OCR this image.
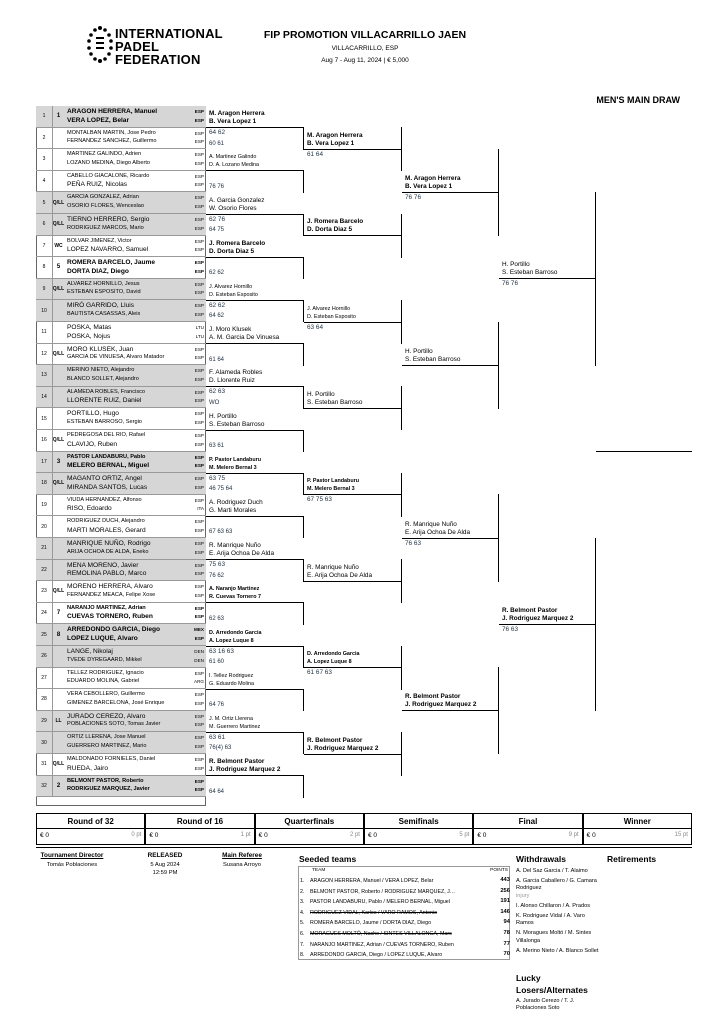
INTERNATIONAL
PADEL
FEDERATION
FIP PROMOTION VILLACARRILLO JAEN
VILLACARRILLO, ESP
Aug 7 - Aug 11, 2024 | € 5,000
MEN'S MAIN DRAW
Tournament Director
Tomás Poblaciones
RELEASED
5 Aug 2024
12:59 PM
Main Referee
Susana Arroyo
Seeded teams
TEAM	POINTS
Withdrawals	Retirements
A. Del Saz Garcia / T. Alaimo
A. Garcia Caballero / G. Camara Rodriguez
injury
I. Alonso Chillaron / A. Prados
K. Rodriguez Vidal / A. Varo Ramos
N. Moragues Moltó / M. Sintes Villalonga
A. Merino Nieto / A. Blanco Sollet
Lucky Losers/Alternates
A. Jurado Cerezo / T. J. Poblaciones Soto
1	1
ARAGON HERRERA, Manuel
VERA LOPEZ, Belar
ESP
ESP
2
MONTALBAN MARTIN, Jose Pedro
FERNANDEZ SANCHEZ, Guillermo
ESP
ESP 60 61
3
MARTINEZ GALINDO, Adrien
LOZANO MEDINA, Diego Alberto
ESP
ESP
4
CABELLO GIACALONE, Ricardo
PEÑA RUIZ, Nicolas
ESP
ESP 76 76
5	Q/LL
GARCIA GONZALEZ, Adrian
OSORIO FLORES, Wenceslao
ESP
ESP
6	Q/LL
TIERNO HERRERO, Sergio
RODRIGUEZ MARCOS, Mario
ESP
ESP 64 75
7	WC
BOLVAR JIMENEZ, Victor
LOPEZ NAVARRO, Samuel
ESP
ESP
8	5
ROMERA BARCELO, Jaume
DORTA DIAZ, Diego
ESP
ESP 62 62
9	Q/LL
ALVAREZ HORNILLO, Jesus
ESTEBAN ESPOSITO, David
ESP
ESP
10
MIRÓ GARRIDO, Lluis
BAUTISTA CASASSAS, Aleix
ESP
ESP 64 62
11
POSKA, Matas
POSKA, Nojus
LTU
LTU
12	Q/LL
MORO KLUSEK, Juan
GARCIA DE VINUESA, Alvaro Matador
ESP
ESP 61 64
13
MERINO NIETO, Alejandro
BLANCO SOLLET, Alejandro
ESP
ESP
14
ALAMEDA ROBLES, Francisco
LLORENTE RUIZ, Daniel
ESP
ESP WO
15
PORTILLO, Hugo
ESTEBAN BARROSO, Sergio
ESP
ESP
16	Q/LL
PEDREGOSA DEL RIO, Rafael
CLAVIJO, Ruben
ESP
ESP 63 61
17	3
PASTOR LANDABURU, Pablo
MELERO BERNAL, Miguel
ESP
ESP
18	Q/LL
MAGANTO ORTIZ, Angel
MIRANDA SANTOS, Lucas
ESP
ESP 46 75 64
19
VIUDA HERNANDEZ, Alfonso
RISO, Edoardo
ESP
ITA
20
RODRIGUEZ DUCH, Alejandro
MARTI MORALES, Gerard
ESP
ESP 67 63 63
21
MANRIQUE NUÑO, Rodrigo
ARIJA OCHOA DE ALDA, Eneko
ESP
ESP
22
MENA MORENO, Javier
REMOLINA PABLO, Marco
ESP
ESP 76 62
23	Q/LL
MORENO HERRERA, Alvaro
FERNANDEZ MEACA, Felipe Xose
ESP
ESP
24	7
NARANJO MARTINEZ, Adrian
CUEVAS TORNERO, Ruben
ESP
ESP 62 63
25	8
ARREDONDO GARCIA, Diego
LOPEZ LUQUE, Alvaro
MEX
ESP
26
LANGE, Nikolaj
TVEDE DYREGAARD, Mikkel
DEN
DEN 61 60
27
TELLEZ RODRIGUEZ, Ignacio
EDUARDO MOLINA, Gabriel
ESP
ARG
28
VERA CEBOLLERO, Guillermo
GIMENEZ BARCELONA, José Enrique
ESP
ESP 64 76
29	LL
JURADO CEREZO, Alvaro
POBLACIONES SOTO, Tomas Javier
ESP
ESP
30
ORTIZ LLERENA, Jose Manuel
GUERRERO MARTINEZ, Mario
ESP
ESP 76(4) 63
31	Q/LL
MALDONADO FORNIELES, Daniel
RUEDA, Jairo
ESP
ESP
32	2
BELMONT PASTOR, Roberto
RODRIGUEZ MARQUEZ, Javier
ESP
ESP 64 64
M. Aragon Herrera
B. Vera Lopez 1
64 62
A. Martinez Galindo
D. A. Lozano Medina
A. Garcia Gonzalez
W. Osorio Flores
62 76
J. Romera Barcelo
D. Dorta Diaz 5
J. Alvarez Hornillo
D. Esteban Esposito
62 62
J. Moro Klusek
A. M. Garcia De Vinuesa
F. Alameda Robles
D. Llorente Ruiz
62 63
H. Portillo
S. Esteban Barroso
P. Pastor Landaburu
M. Melero Bernal 3
63 75
A. Rodriguez Duch
G. Marti Morales
R. Manrique Nuño
E. Arija Ochoa De Alda
75 63
A. Naranjo Martinez
R. Cuevas Tornero 7
D. Arredondo Garcia
A. Lopez Luque 8
63 16 63
I. Tellez Rodriguez
G. Eduardo Molina
J. M. Ortiz Llerena
M. Guerrero Martinez
63 61
R. Belmont Pastor
J. Rodriguez Marquez 2
M. Aragon Herrera
B. Vera Lopez 1
61 64
J. Romera Barcelo
D. Dorta Diaz 5
J. Alvarez Hornillo
D. Esteban Esposito
63 64
H. Portillo
S. Esteban Barroso
P. Pastor Landaburu
M. Melero Bernal 3
67 75 63
R. Manrique Nuño
E. Arija Ochoa De Alda
D. Arredondo Garcia
A. Lopez Luque 8
61 67 63
R. Belmont Pastor
J. Rodriguez Marquez 2
M. Aragon Herrera
B. Vera Lopez 1
76 76
H. Portillo
S. Esteban Barroso
R. Manrique Nuño
E. Arija Ochoa De Alda
76 63
R. Belmont Pastor
J. Rodriguez Marquez 2
H. Portillo
S. Esteban Barroso
76 76
R. Belmont Pastor
J. Rodriguez Marquez 2
76 63
Round of 32
€ 0	0 pt
Round of 16
€ 0	1 pt
Quarterfinals
€ 0	2 pt
Semifinals
€ 0	5 pt
Final
€ 0	9 pt
Winner
€ 0	15 pt
1. ARAGON HERRERA, Manuel / VERA LOPEZ, Belar	443
2. BELMONT PASTOR, Roberto / RODRIGUEZ MARQUEZ, J…	256
3. PASTOR LANDABURU, Pablo / MELERO BERNAL, Miguel	191
4. RODRIGUEZ VIDAL, Karlos / VARO RAMOS, Antonio	146
5. ROMERA BARCELO, Jaume / DORTA DIAZ, Diego	94
6. MORAGUES MOLTÓ, Nacho / SINTES VILLALONGA, Marc	78
7. NARANJO MARTINEZ, Adrian / CUEVAS TORNERO, Ruben	77
8. ARREDONDO GARCIA, Diego / LOPEZ LUQUE, Alvaro	70
